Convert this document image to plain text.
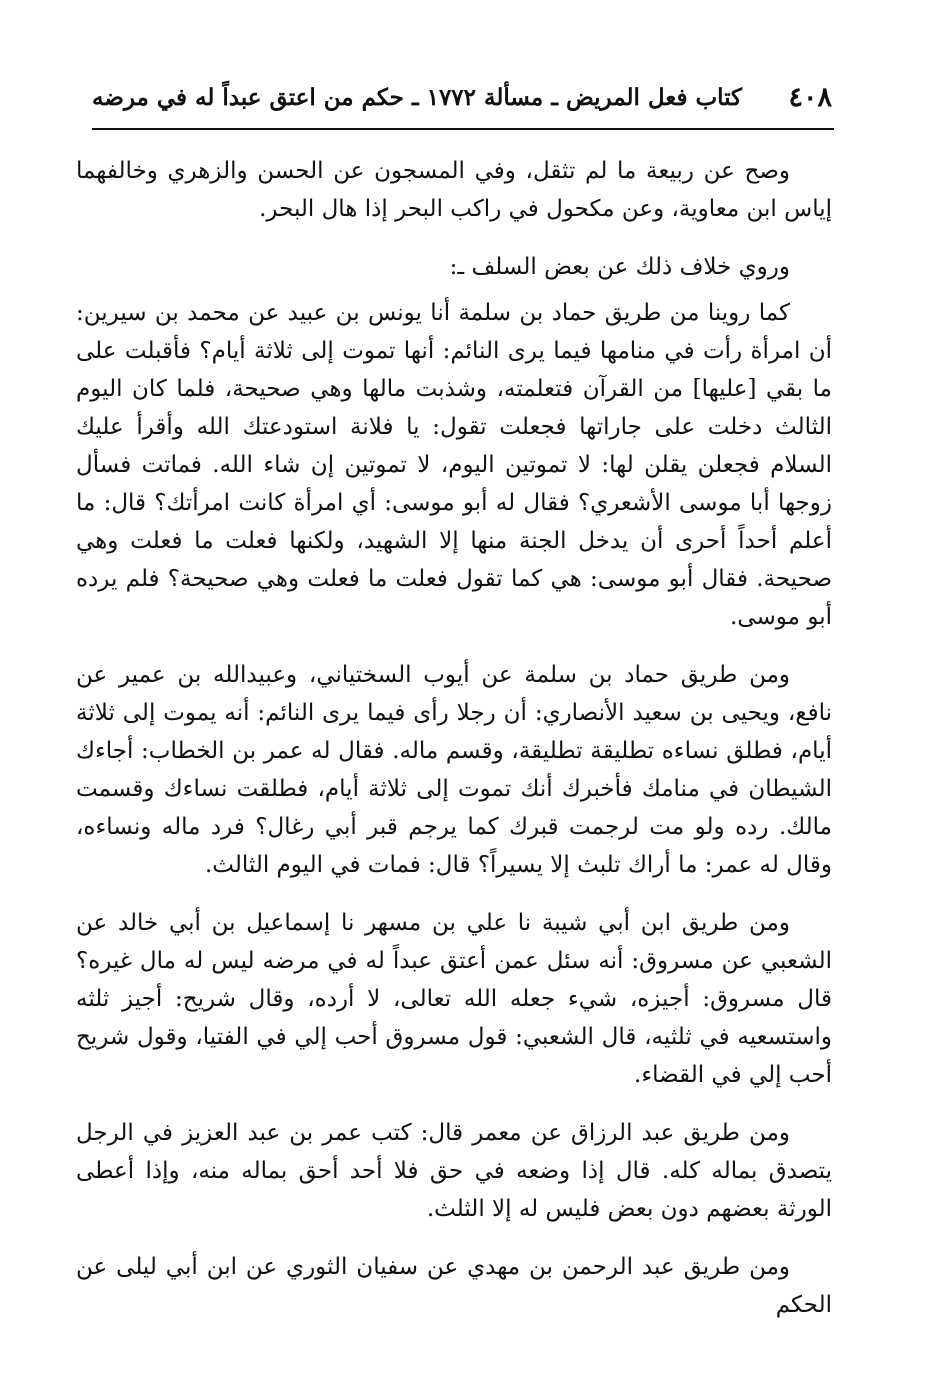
٤٠٨
كتاب فعل المريض ـ مسألة ١٧٧٢ ـ حكم من اعتق عبداً له في مرضه

وصح عن ربيعة ما لم تثقل، وفي المسجون عن الحسن والزهري وخالفهما إياس ابن معاوية، وعن مكحول في راكب البحر إذا هال البحر.

وروي خلاف ذلك عن بعض السلف ـ:

كما روينا من طريق حماد بن سلمة أنا يونس بن عبيد عن محمد بن سيرين: أن امرأة رأت في منامها فيما يرى النائم: أنها تموت إلى ثلاثة أيام؟ فأقبلت على ما بقي [عليها] من القرآن فتعلمته، وشذبت مالها وهي صحيحة، فلما كان اليوم الثالث دخلت على جاراتها فجعلت تقول: يا فلانة استودعتك الله وأقرأ عليك السلام فجعلن يقلن لها: لا تموتين اليوم، لا تموتين إن شاء الله. فماتت فسأل زوجها أبا موسى الأشعري؟ فقال له أبو موسى: أي امرأة كانت امرأتك؟ قال: ما أعلم أحداً أحرى أن يدخل الجنة منها إلا الشهيد، ولكنها فعلت ما فعلت وهي صحيحة. فقال أبو موسى: هي كما تقول فعلت ما فعلت وهي صحيحة؟ فلم يرده أبو موسى.

ومن طريق حماد بن سلمة عن أيوب السختياني، وعبيدالله بن عمير عن نافع، ويحيى بن سعيد الأنصاري: أن رجلا رأى فيما يرى النائم: أنه يموت إلى ثلاثة أيام، فطلق نساءه تطليقة تطليقة، وقسم ماله. فقال له عمر بن الخطاب: أجاءك الشيطان في منامك فأخبرك أنك تموت إلى ثلاثة أيام، فطلقت نساءك وقسمت مالك. رده ولو مت لرجمت قبرك كما يرجم قبر أبي رغال؟ فرد ماله ونساءه، وقال له عمر: ما أراك تلبث إلا يسيراً؟ قال: فمات في اليوم الثالث.

ومن طريق ابن أبي شيبة نا علي بن مسهر نا إسماعيل بن أبي خالد عن الشعبي عن مسروق: أنه سئل عمن أعتق عبداً له في مرضه ليس له مال غيره؟ قال مسروق: أجيزه، شيء جعله الله تعالى، لا أرده، وقال شريح: أجيز ثلثه واستسعيه في ثلثيه، قال الشعبي: قول مسروق أحب إلي في الفتيا، وقول شريح أحب إلي في القضاء.

ومن طريق عبد الرزاق عن معمر قال: كتب عمر بن عبد العزيز في الرجل يتصدق بماله كله. قال إذا وضعه في حق فلا أحد أحق بماله منه، وإذا أعطى الورثة بعضهم دون بعض فليس له إلا الثلث.

ومن طريق عبد الرحمن بن مهدي عن سفيان الثوري عن ابن أبي ليلى عن الحكم
